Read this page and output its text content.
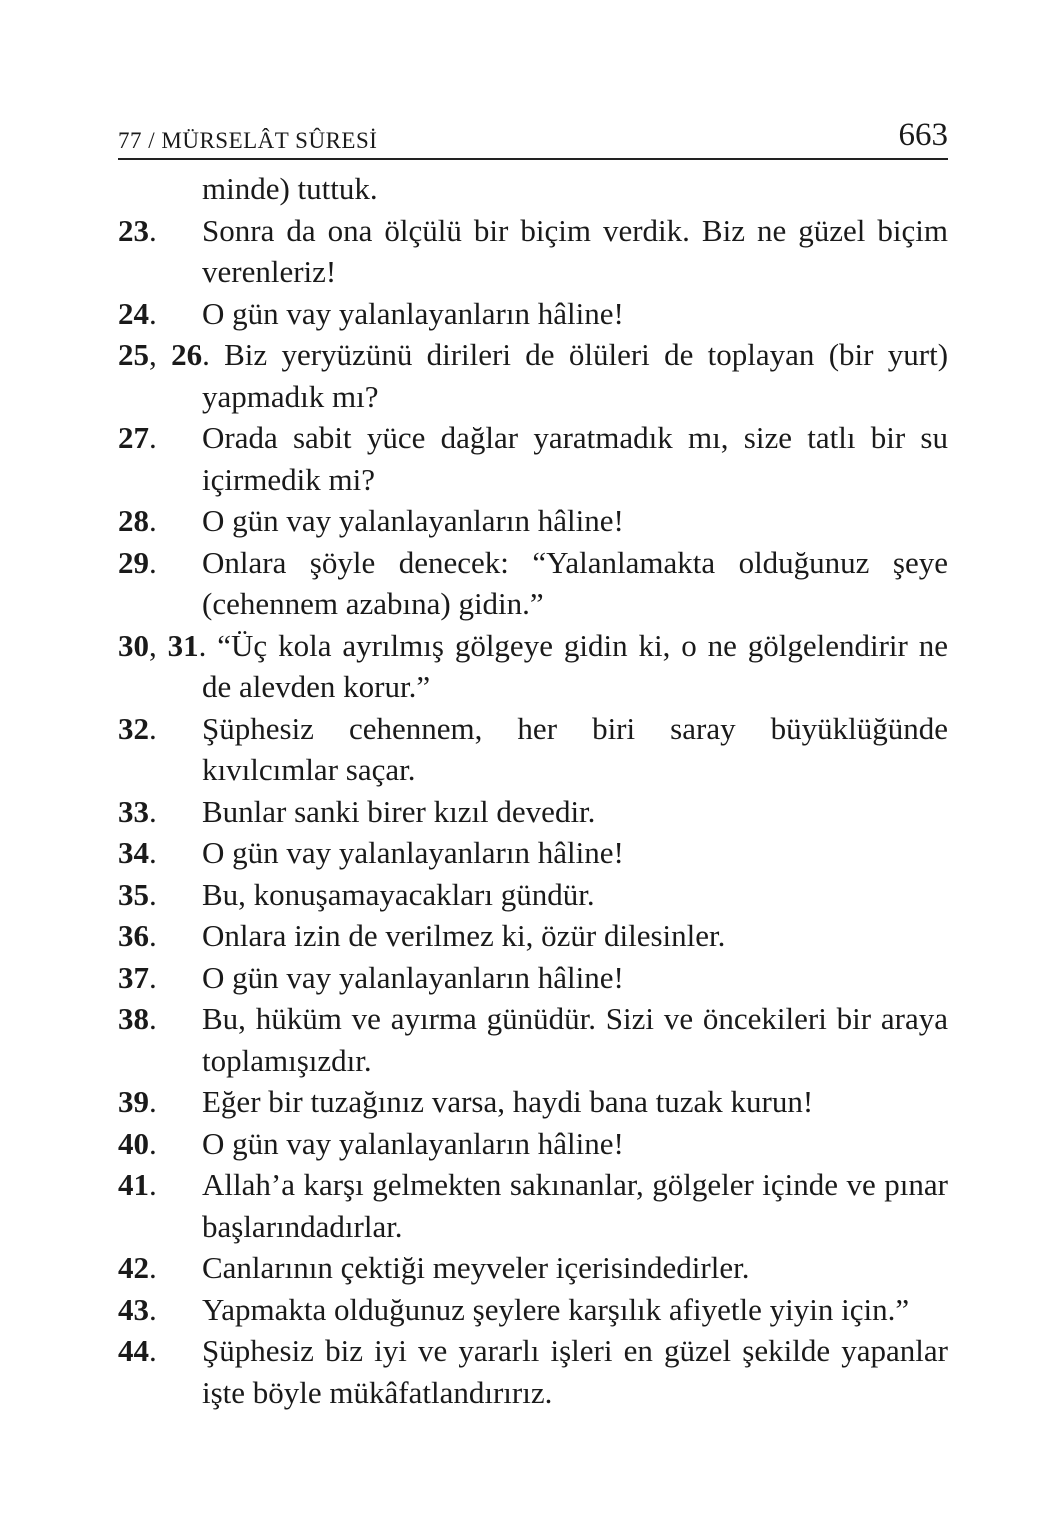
77 / MÜRSELÂT SÛRESİ	663
minde) tuttuk.
23. Sonra da ona ölçülü bir biçim verdik. Biz ne güzel biçim verenleriz!
24. O gün vay yalanlayanların hâline!
25, 26. Biz yeryüzünü dirileri de ölüleri de toplayan (bir yurt) yapmadık mı?
27. Orada sabit yüce dağlar yaratmadık mı, size tatlı bir su içirmedik mi?
28. O gün vay yalanlayanların hâline!
29. Onlara şöyle denecek: “Yalanlamakta olduğunuz şeye (cehennem azabına) gidin.”
30, 31. “Üç kola ayrılmış gölgeye gidin ki, o ne gölgelendirir ne de alevden korur.”
32. Şüphesiz cehennem, her biri saray büyüklüğünde kıvılcımlar saçar.
33. Bunlar sanki birer kızıl devedir.
34. O gün vay yalanlayanların hâline!
35. Bu, konuşamayacakları gündür.
36. Onlara izin de verilmez ki, özür dilesinler.
37. O gün vay yalanlayanların hâline!
38. Bu, hüküm ve ayırma günüdür. Sizi ve öncekileri bir araya toplamışızdır.
39. Eğer bir tuzağınız varsa, haydi bana tuzak kurun!
40. O gün vay yalanlayanların hâline!
41. Allah’a karşı gelmekten sakınanlar, gölgeler içinde ve pınar başlarındadırlar.
42. Canlarının çektiği meyveler içerisindedirler.
43. Yapmakta olduğunuz şeylere karşılık afiyetle yiyin için.”
44. Şüphesiz biz iyi ve yararlı işleri en güzel şekilde yapanlar işte böyle mükâfatlandırırız.
